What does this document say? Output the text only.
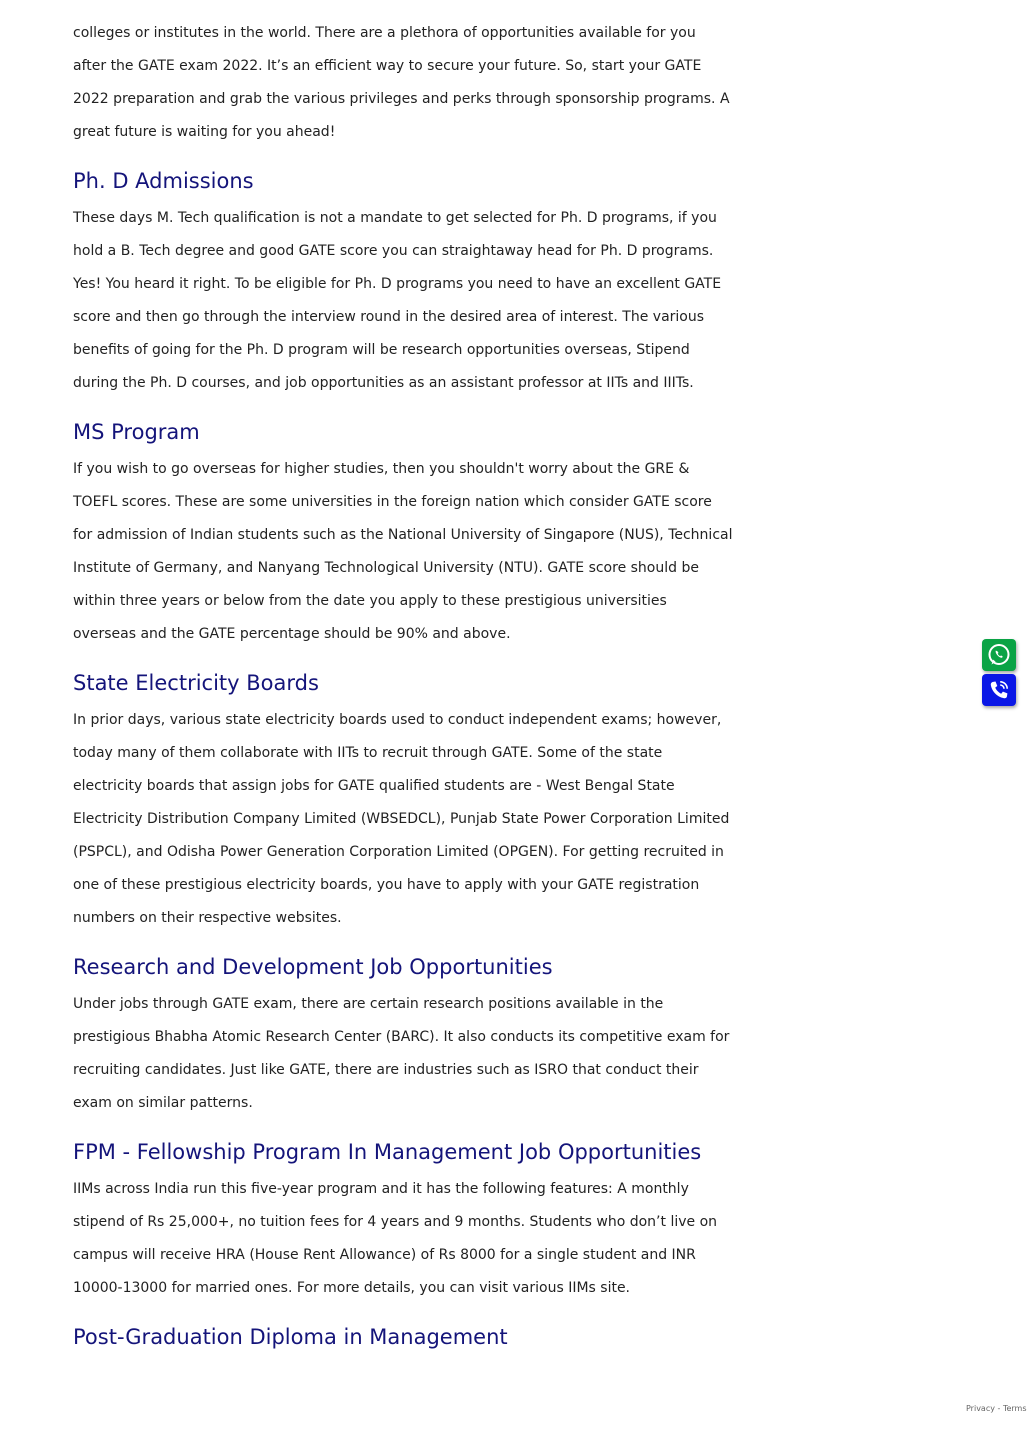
colleges or institutes in the world. There are a plethora of opportunities available for you after the GATE exam 2022. It’s an efficient way to secure your future. So, start your GATE 2022 preparation and grab the various privileges and perks through sponsorship programs. A great future is waiting for you ahead!

Ph. D Admissions

These days M. Tech qualification is not a mandate to get selected for Ph. D programs, if you hold a B. Tech degree and good GATE score you can straightaway head for Ph. D programs. Yes! You heard it right. To be eligible for Ph. D programs you need to have an excellent GATE score and then go through the interview round in the desired area of interest. The various benefits of going for the Ph. D program will be research opportunities overseas, Stipend during the Ph. D courses, and job opportunities as an assistant professor at IITs and IIITs.

MS Program

If you wish to go overseas for higher studies, then you shouldn't worry about the GRE & TOEFL scores. These are some universities in the foreign nation which consider GATE score for admission of Indian students such as the National University of Singapore (NUS), Technical Institute of Germany, and Nanyang Technological University (NTU). GATE score should be within three years or below from the date you apply to these prestigious universities overseas and the GATE percentage should be 90% and above.

State Electricity Boards

In prior days, various state electricity boards used to conduct independent exams; however, today many of them collaborate with IITs to recruit through GATE. Some of the state electricity boards that assign jobs for GATE qualified students are - West Bengal State Electricity Distribution Company Limited (WBSEDCL), Punjab State Power Corporation Limited (PSPCL), and Odisha Power Generation Corporation Limited (OPGEN). For getting recruited in one of these prestigious electricity boards, you have to apply with your GATE registration numbers on their respective websites.

Research and Development Job Opportunities

Under jobs through GATE exam, there are certain research positions available in the prestigious Bhabha Atomic Research Center (BARC). It also conducts its competitive exam for recruiting candidates. Just like GATE, there are industries such as ISRO that conduct their exam on similar patterns.

FPM - Fellowship Program In Management Job Opportunities

IIMs across India run this five-year program and it has the following features: A monthly stipend of Rs 25,000+, no tuition fees for 4 years and 9 months. Students who don’t live on campus will receive HRA (House Rent Allowance) of Rs 8000 for a single student and INR 10000-13000 for married ones. For more details, you can visit various IIMs site.

Post-Graduation Diploma in Management
Privacy - Terms
